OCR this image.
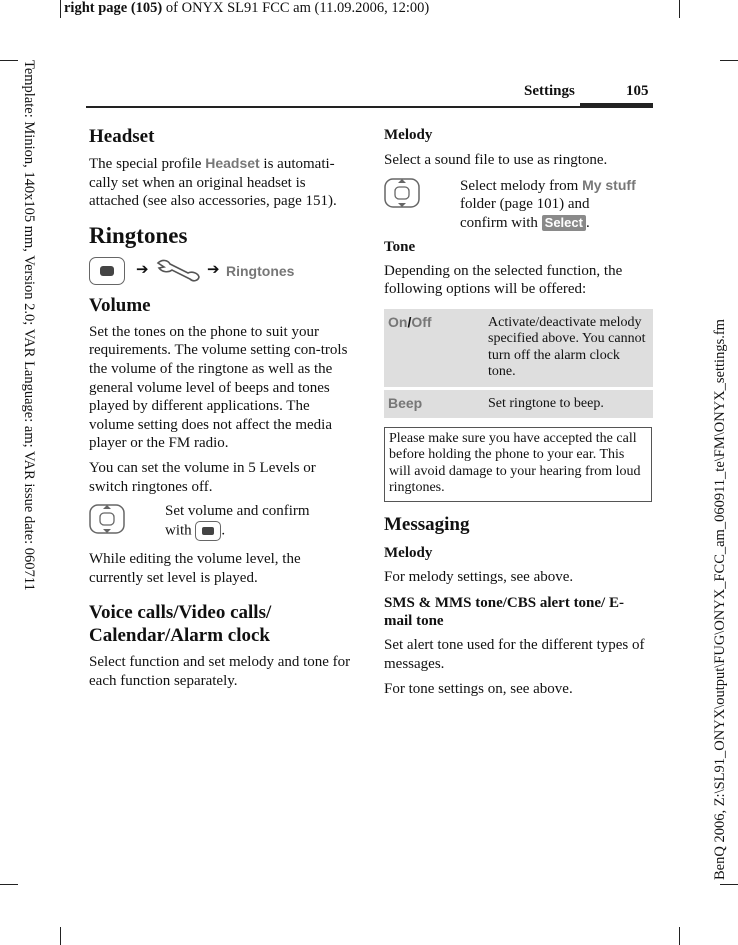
right page (105) of ONYX SL91 FCC am (11.09.2006, 12:00)
Template: Minion, 140x105 mm, Version 2.0; VAR Language: am; VAR issue date: 060711	BenQ 2006, Z:\SL91_ONYX\output\FUG\ONYX_FCC_am_060911_te\FM\ONYX_settings.fm
Settings	105
Headset

The special profile Headset is automati-cally set when an original headset is attached (see also accessories, page 151).

Ringtones
➔	➔ Ringtones
Volume

Set the tones on the phone to suit your requirements. The volume setting con-trols the volume of the ringtone as well as the general volume level of beeps and tones played by different applications. The volume setting does not affect the media player or the FM radio.

You can set the volume in 5 Levels or switch ringtones off.

Set volume and confirm
with .

While editing the volume level, the currently set level is played.

Voice calls/Video calls/ Calendar/Alarm clock

Select function and set melody and tone for each function separately.

Melody

Select a sound file to use as ringtone.

Select melody from My stuff
folder (page 101) and
confirm with Select .
Tone

Depending on the selected function, the following options will be offered:

On/Off	Activate/deactivate melody specified above. You cannot turn off the alarm clock tone.
Beep	Set ringtone to beep.
Please make sure you have accepted the call before holding the phone to your ear. This will avoid damage to your hearing from loud ringtones.
Messaging
Melody

For melody settings, see above.

SMS & MMS tone/CBS alert tone/ E-mail tone

Set alert tone used for the different types of messages.

For tone settings on, see above.
